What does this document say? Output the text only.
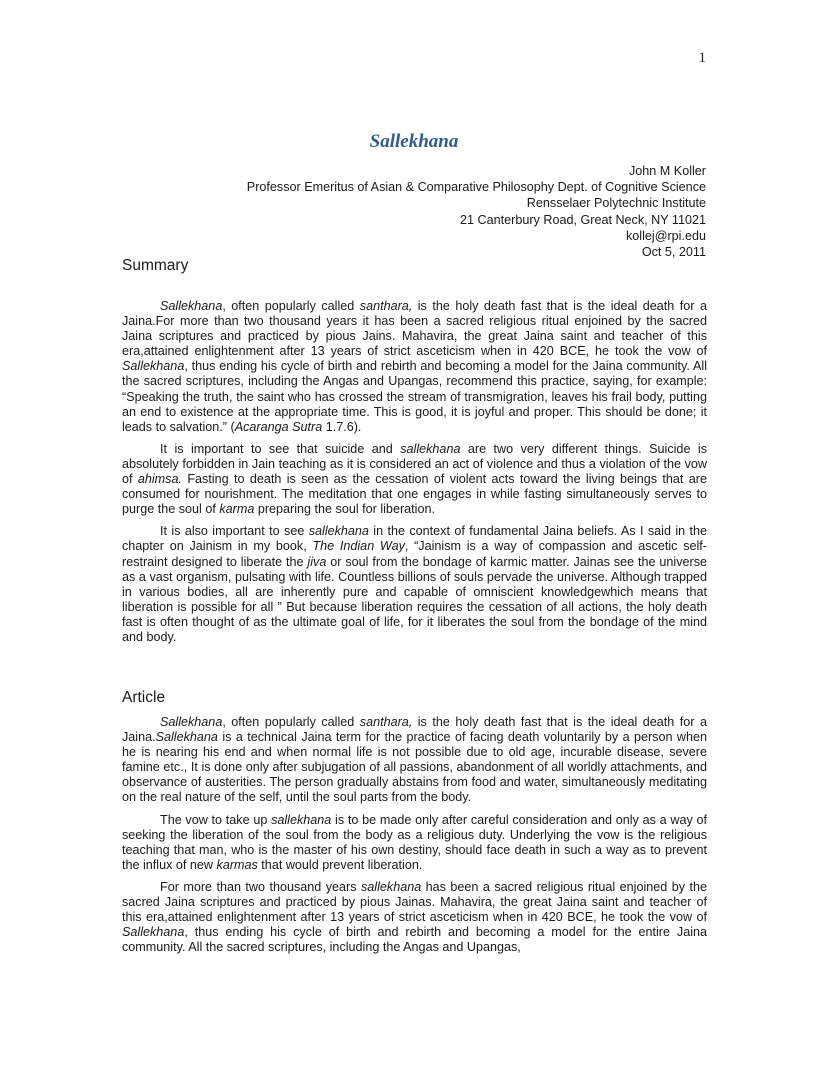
1
Sallekhana
John M Koller
Professor Emeritus of Asian & Comparative Philosophy Dept. of Cognitive Science
Rensselaer Polytechnic Institute
21 Canterbury Road, Great Neck, NY 11021
kollej@rpi.edu
Oct 5, 2011
Summary

Sallekhana, often popularly called santhara, is the holy death fast that is the ideal death for a Jaina.For more than two thousand years it has been a sacred religious ritual enjoined by the sacred Jaina scriptures and practiced by pious Jains. Mahavira, the great Jaina saint and teacher of this era,attained enlightenment after 13 years of strict asceticism when in 420 BCE, he took the vow of Sallekhana, thus ending his cycle of birth and rebirth and becoming a model for the Jaina community. All the sacred scriptures, including the Angas and Upangas, recommend this practice, saying, for example: “Speaking the truth, the saint who has crossed the stream of transmigration, leaves his frail body, putting an end to existence at the appropriate time. This is good, it is joyful and proper. This should be done; it leads to salvation.” (Acaranga Sutra 1.7.6).

It is important to see that suicide and sallekhana are two very different things. Suicide is absolutely forbidden in Jain teaching as it is considered an act of violence and thus a violation of the vow of ahimsa. Fasting to death is seen as the cessation of violent acts toward the living beings that are consumed for nourishment. The meditation that one engages in while fasting simultaneously serves to purge the soul of karma preparing the soul for liberation.

It is also important to see sallekhana in the context of fundamental Jaina beliefs. As I said in the chapter on Jainism in my book, The Indian Way, “Jainism is a way of compassion and ascetic self-restraint designed to liberate the jiva or soul from the bondage of karmic matter. Jainas see the universe as a vast organism, pulsating with life. Countless billions of souls pervade the universe. Although trapped in various bodies, all are inherently pure and capable of omniscient knowledgewhich means that liberation is possible for all ” But because liberation requires the cessation of all actions, the holy death fast is often thought of as the ultimate goal of life, for it liberates the soul from the bondage of the mind and body.

Article

Sallekhana, often popularly called santhara, is the holy death fast that is the ideal death for a Jaina.Sallekhana is a technical Jaina term for the practice of facing death voluntarily by a person when he is nearing his end and when normal life is not possible due to old age, incurable disease, severe famine etc., It is done only after subjugation of all passions, abandonment of all worldly attachments, and observance of austerities. The person gradually abstains from food and water, simultaneously meditating on the real nature of the self, until the soul parts from the body.

The vow to take up sallekhana is to be made only after careful consideration and only as a way of seeking the liberation of the soul from the body as a religious duty. Underlying the vow is the religious teaching that man, who is the master of his own destiny, should face death in such a way as to prevent the influx of new karmas that would prevent liberation.

For more than two thousand years sallekhana has been a sacred religious ritual enjoined by the sacred Jaina scriptures and practiced by pious Jainas. Mahavira, the great Jaina saint and teacher of this era,attained enlightenment after 13 years of strict asceticism when in 420 BCE, he took the vow of Sallekhana, thus ending his cycle of birth and rebirth and becoming a model for the entire Jaina community. All the sacred scriptures, including the Angas and Upangas,
